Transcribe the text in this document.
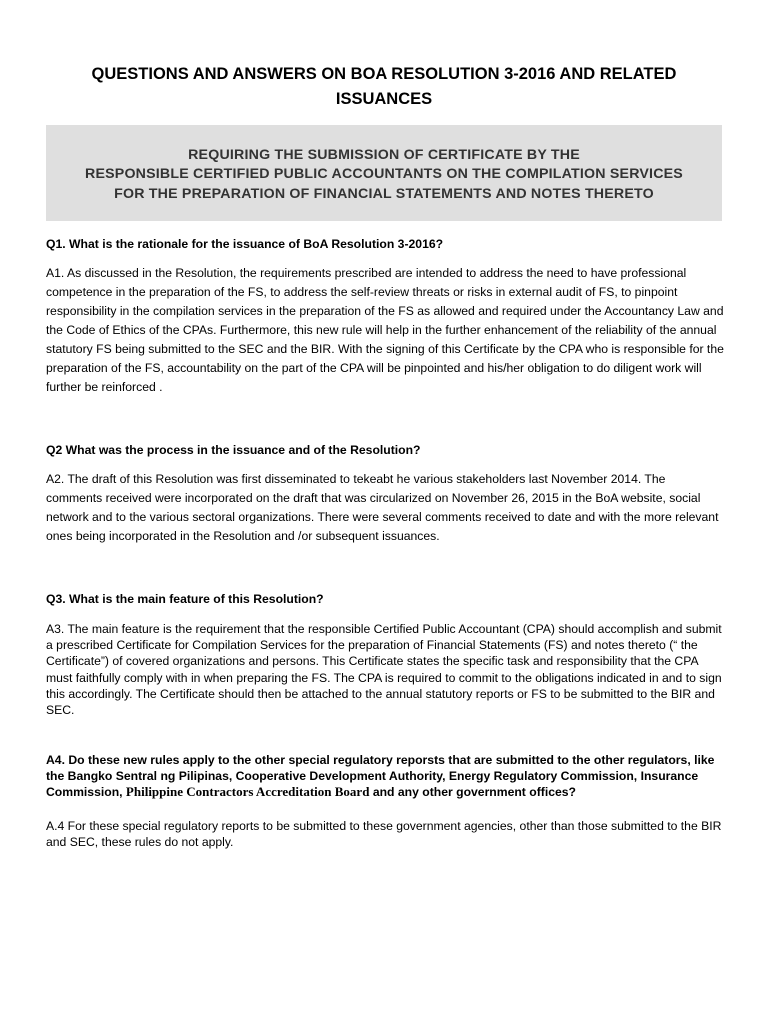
QUESTIONS AND ANSWERS ON BOA RESOLUTION 3-2016 AND RELATED ISSUANCES
REQUIRING THE SUBMISSION OF CERTIFICATE BY THE
RESPONSIBLE CERTIFIED PUBLIC ACCOUNTANTS ON THE COMPILATION SERVICES
FOR THE PREPARATION OF FINANCIAL STATEMENTS AND NOTES THERETO
Q1. What is the rationale for the issuance of BoA Resolution 3-2016?
A1. As discussed in the Resolution, the requirements prescribed are intended to address the need to have professional competence in the preparation of the FS, to address the self-review threats or risks in external audit of FS, to pinpoint responsibility in the compilation services in the preparation of the FS as allowed and required under the Accountancy Law and the Code of Ethics of the CPAs. Furthermore, this new rule will help in the further enhancement of the reliability of the annual statutory FS being submitted to the SEC and the BIR. With the signing of this Certificate by the CPA who is responsible for the preparation of the FS, accountability on the part of the CPA will be pinpointed and his/her obligation to do diligent work will further be reinforced .
Q2 What was the process in the issuance and of the Resolution?
A2. The draft of this Resolution was first disseminated to tekeabt he various stakeholders last November 2014. The comments received were incorporated on the draft that was circularized on November 26, 2015 in the BoA website, social network and to the various sectoral organizations. There were several comments received to date and with the more relevant ones being incorporated in the Resolution and /or subsequent issuances.
Q3. What is the main feature of this Resolution?
A3. The main feature is the requirement that the responsible Certified Public Accountant (CPA) should accomplish and submit a prescribed Certificate for Compilation Services for the preparation of Financial Statements (FS) and notes thereto (“ the Certificate”) of covered organizations and persons. This Certificate states the specific task and responsibility that the CPA must faithfully comply with in when preparing the FS. The CPA is required to commit to the obligations indicated in and to sign this accordingly. The Certificate should then be attached to the annual statutory reports or FS to be submitted to the BIR and SEC.
A4. Do these new rules apply to the other special regulatory reporsts that are submitted to the other regulators, like the Bangko Sentral ng Pilipinas, Cooperative Development Authority, Energy Regulatory Commission, Insurance Commission, Philippine Contractors Accreditation Board and any other government offices?
A.4 For these special regulatory reports to be submitted to these government agencies, other than those submitted to the BIR and SEC, these rules do not apply.
